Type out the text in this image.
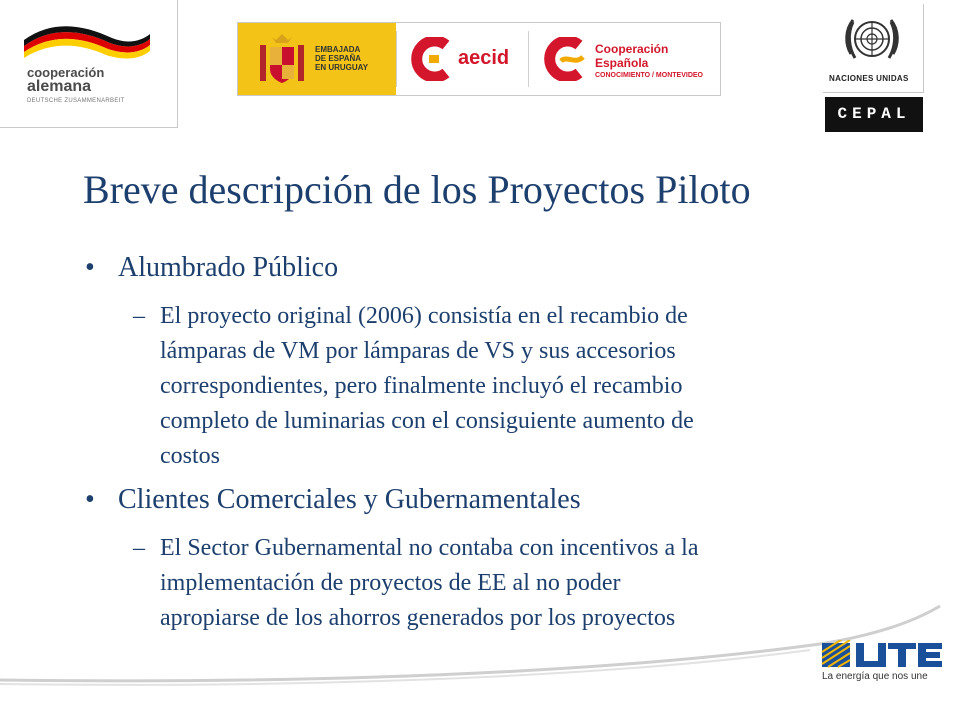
cooperación
alemana
DEUTSCHE ZUSAMMENARBEIT
EMBAJADA
DE ESPAÑA
EN URUGUAY	aecid	Cooperación
Española
CONOCIMIENTO / MONTEVIDEO	NACIONES UNIDAS
CEPAL
Breve descripción de los Proyectos Piloto
• Alumbrado Público
– El proyecto original (2006) consistía en el recambio de
lámparas de VM por lámparas de VS y sus accesorios
correspondientes, pero finalmente incluyó el recambio
completo de luminarias con el consiguiente aumento de
costos
• Clientes Comerciales y Gubernamentales
– El Sector Gubernamental no contaba con incentivos a la
implementación de proyectos de EE al no poder
apropiarse de los ahorros generados por los proyectos
La energía que nos une
